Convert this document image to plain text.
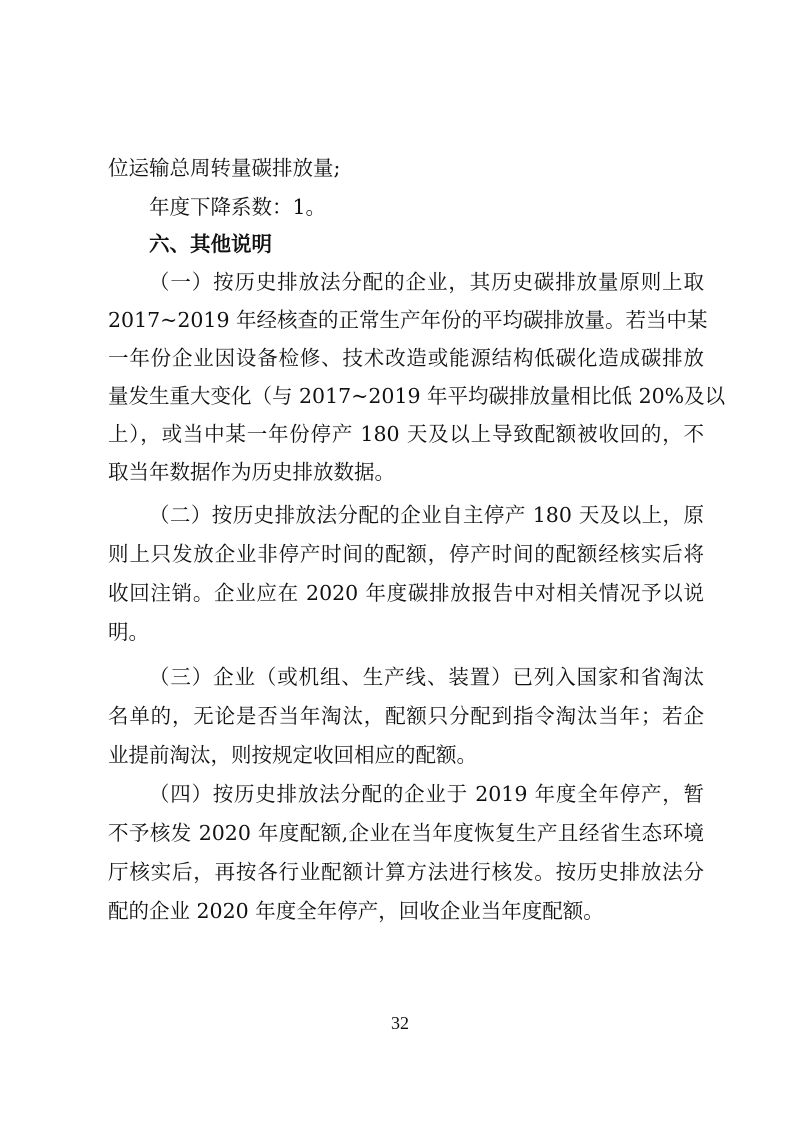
位运输总周转量碳排放量;
年度下降系数：1。
六、其他说明
（一）按历史排放法分配的企业，其历史碳排放量原则上取
2017~2019 年经核查的正常生产年份的平均碳排放量。若当中某
一年份企业因设备检修、技术改造或能源结构低碳化造成碳排放
量发生重大变化（与 2017~2019 年平均碳排放量相比低 20%及以
上），或当中某一年份停产 180 天及以上导致配额被收回的，不
取当年数据作为历史排放数据。
（二）按历史排放法分配的企业自主停产 180 天及以上，原
则上只发放企业非停产时间的配额，停产时间的配额经核实后将
收回注销。企业应在 2020 年度碳排放报告中对相关情况予以说
明。
（三）企业（或机组、生产线、装置）已列入国家和省淘汰
名单的，无论是否当年淘汰，配额只分配到指令淘汰当年；若企
业提前淘汰，则按规定收回相应的配额。
（四）按历史排放法分配的企业于 2019 年度全年停产，暂
不予核发 2020 年度配额,企业在当年度恢复生产且经省生态环境
厅核实后，再按各行业配额计算方法进行核发。按历史排放法分
配的企业 2020 年度全年停产，回收企业当年度配额。
32
